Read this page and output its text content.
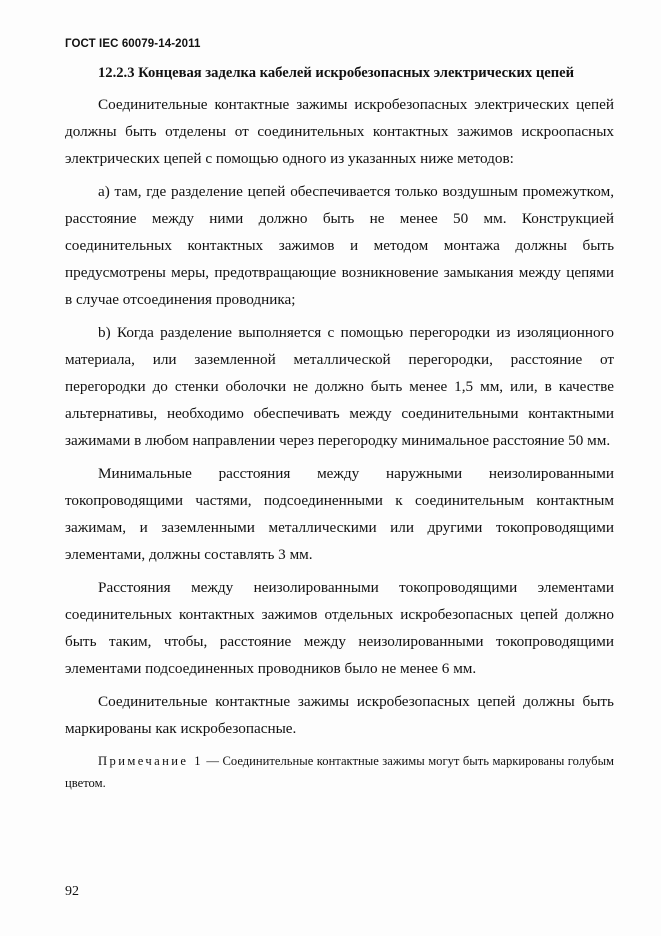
ГОСТ IEC 60079-14-2011

12.2.3 Концевая заделка кабелей искробезопасных электрических цепей

Соединительные контактные зажимы искробезопасных электрических цепей должны быть отделены от соединительных контактных зажимов искроопасных электрических цепей с помощью одного из указанных ниже методов:

а) там, где разделение цепей обеспечивается только воздушным промежутком, расстояние между ними должно быть не менее 50 мм. Конструкцией соединительных контактных зажимов и методом монтажа должны быть предусмотрены меры, предотвращающие возникновение замыкания между цепями в случае отсоединения проводника;

b) Когда разделение выполняется с помощью перегородки из изоляционного материала, или заземленной металлической перегородки, расстояние от перегородки до стенки оболочки не должно быть менее 1,5 мм, или, в качестве альтернативы, необходимо обеспечивать между соединительными контактными зажимами в любом направлении через перегородку минимальное расстояние 50 мм.

Минимальные расстояния между наружными неизолированными токопроводящими частями, подсоединенными к соединительным контактным зажимам, и заземленными металлическими или другими токопроводящими элементами, должны составлять 3 мм.

Расстояния между неизолированными токопроводящими элементами соединительных контактных зажимов отдельных искробезопасных цепей должно быть таким, чтобы, расстояние между неизолированными токопроводящими элементами подсоединенных проводников было не менее 6 мм.

Соединительные контактные зажимы искробезопасных цепей должны быть маркированы как искробезопасные.

Примечание 1 — Соединительные контактные зажимы могут быть маркированы голубым цветом.

92
